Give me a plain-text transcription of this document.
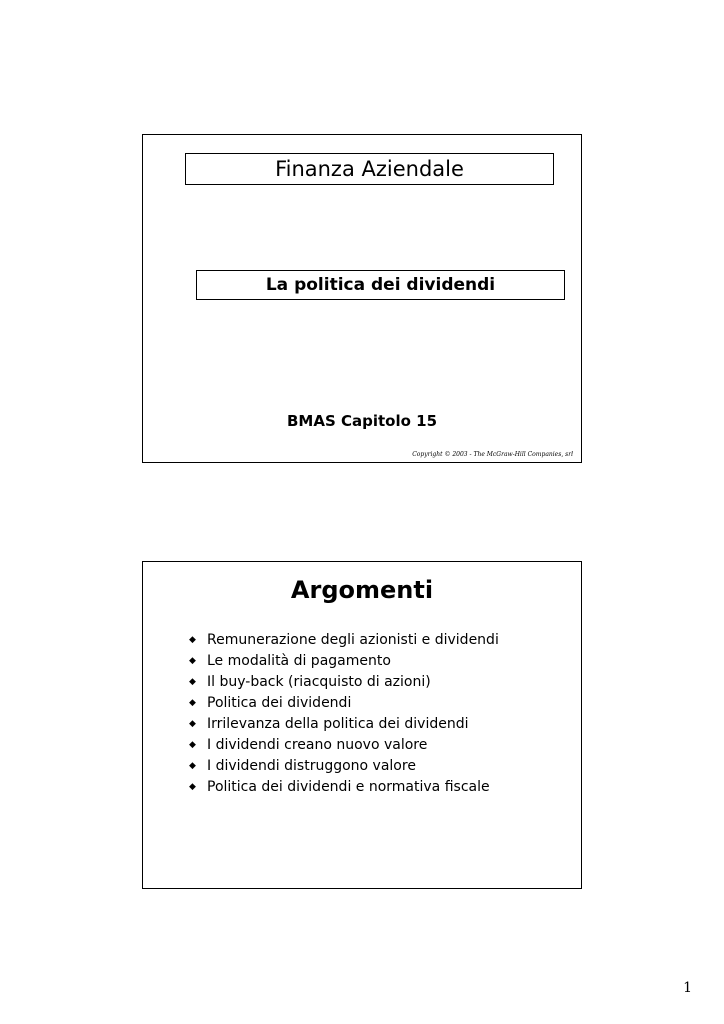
Finanza Aziendale
La politica dei dividendi
BMAS Capitolo 15
Copyright © 2003 - The McGraw-Hill Companies, srl
Argomenti
◆ Remunerazione degli azionisti e dividendi
◆ Le modalità di pagamento
◆ Il buy-back (riacquisto di azioni)
◆ Politica dei dividendi
◆ Irrilevanza della politica dei dividendi
◆ I dividendi creano nuovo valore
◆ I dividendi distruggono valore
◆ Politica dei dividendi e normativa fiscale
1
